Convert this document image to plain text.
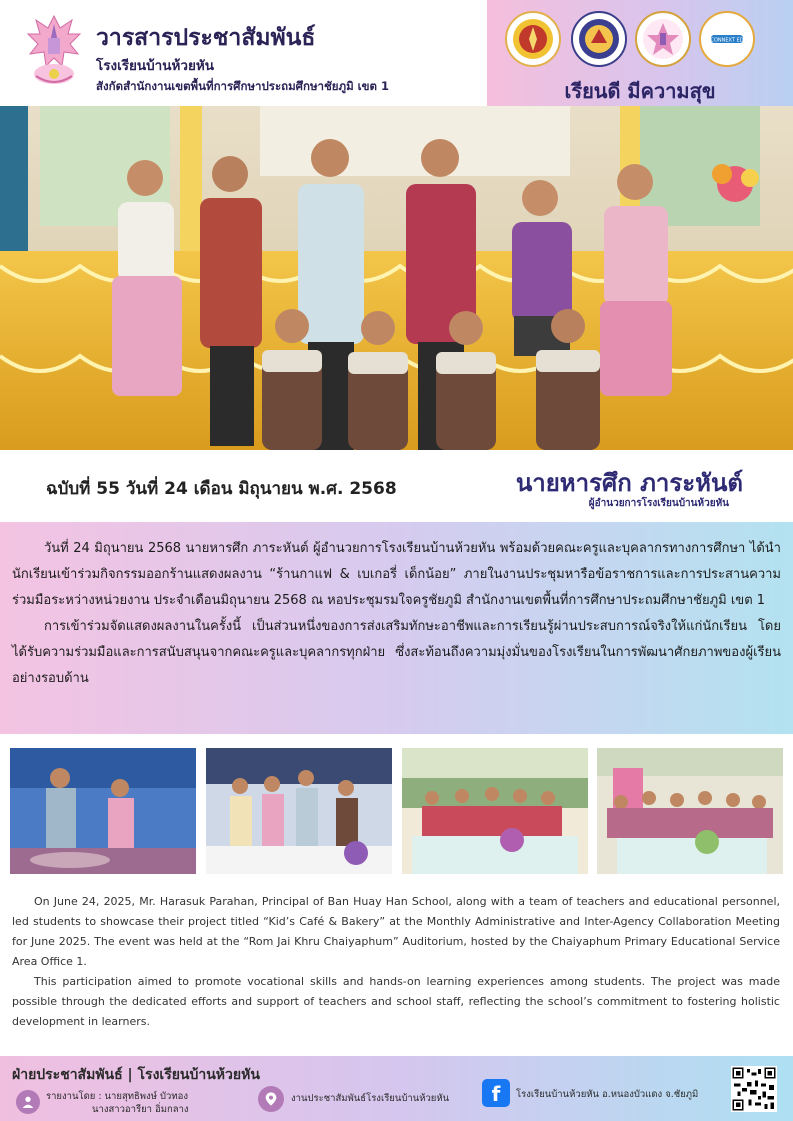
วารสารประชาสัมพันธ์
โรงเรียนบ้านห้วยหัน
สังกัดสำนักงานเขตพื้นที่การศึกษาประถมศึกษาชัยภูมิ เขต 1
CONNEXT ED
เรียนดี มีความสุข
ฉบับที่ 55 วันที่ 24 เดือน มิถุนายน พ.ศ. 2568	นายหารศึก ภาระหันต์
ผู้อำนวยการโรงเรียนบ้านห้วยหัน

วันที่ 24 มิถุนายน 2568 นายหารศึก ภาระหันต์ ผู้อำนวยการโรงเรียนบ้านห้วยหัน พร้อมด้วยคณะครูและบุคลากรทางการศึกษา ได้นำนักเรียนเข้าร่วมกิจกรรมออกร้านแสดงผลงาน “ร้านกาแฟ & เบเกอรี่ เด็กน้อย” ภายในงานประชุมหารือข้อราชการและการประสานความร่วมมือระหว่างหน่วยงาน ประจำเดือนมิถุนายน 2568 ณ หอประชุมรมใจครูชัยภูมิ สำนักงานเขตพื้นที่การศึกษาประถมศึกษาชัยภูมิ เขต 1

การเข้าร่วมจัดแสดงผลงานในครั้งนี้ เป็นส่วนหนึ่งของการส่งเสริมทักษะอาชีพและการเรียนรู้ผ่านประสบการณ์จริงให้แก่นักเรียน โดยได้รับความร่วมมือและการสนับสนุนจากคณะครูและบุคลากรทุกฝ่าย ซึ่งสะท้อนถึงความมุ่งมั่นของโรงเรียนในการพัฒนาศักยภาพของผู้เรียนอย่างรอบด้าน

On June 24, 2025, Mr. Harasuk Parahan, Principal of Ban Huay Han School, along with a team of teachers and educational personnel, led students to showcase their project titled “Kid’s Café & Bakery” at the Monthly Administrative and Inter-Agency Collaboration Meeting for June 2025. The event was held at the “Rom Jai Khru Chaiyaphum” Auditorium, hosted by the Chaiyaphum Primary Educational Service Area Office 1.

This participation aimed to promote vocational skills and hands-on learning experiences among students. The project was made possible through the dedicated efforts and support of teachers and school staff, reflecting the school’s commitment to fostering holistic development in learners.

ฝ่ายประชาสัมพันธ์ | โรงเรียนบ้านห้วยหัน
รายงานโดย : นายสุทธิพงษ์ บัวทอง
นางสาวอารียา อิ่มกลาง
งานประชาสัมพันธ์โรงเรียนบ้านห้วยหัน	f	โรงเรียนบ้านห้วยหัน อ.หนองบัวแดง จ.ชัยภูมิ
